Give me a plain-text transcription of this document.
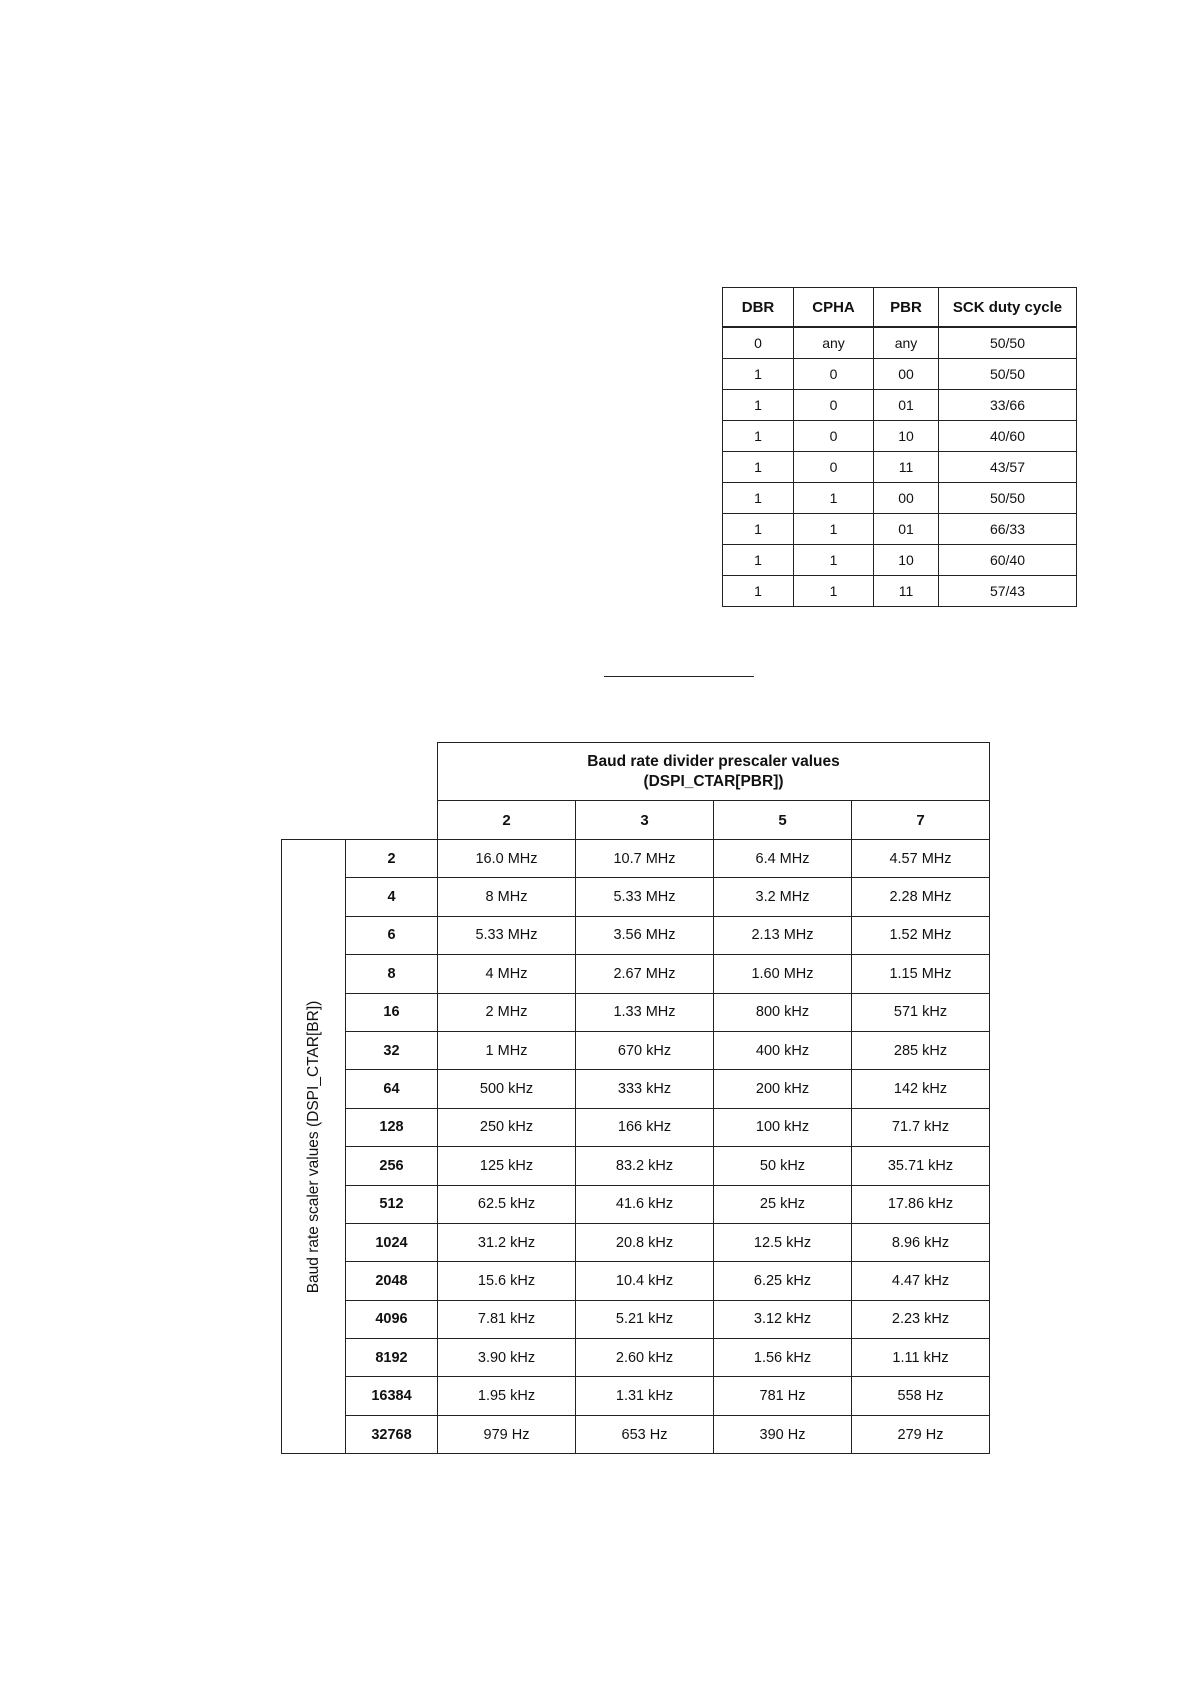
DBR	CPHA	PBR	SCK duty cycle
0	any	any	50/50
1	0	00	50/50
1	0	01	33/66
1	0	10	40/60
1	0	11	43/57
1	1	00	50/50
1	1	01	66/33
1	1	10	60/40
1	1	11	57/43
		Baud rate divider prescaler values
(DSPI_CTAR[PBR])			
		2	3	5	7

Baud rate scaler values (DSPI_CTAR[BR])	2	16.0 MHz	10.7 MHz	6.4 MHz	4.57 MHz
	4	8 MHz	5.33 MHz	3.2 MHz	2.28 MHz
	6	5.33 MHz	3.56 MHz	2.13 MHz	1.52 MHz
	8	4 MHz	2.67 MHz	1.60 MHz	1.15 MHz
	16	2 MHz	1.33 MHz	800 kHz	571 kHz
	32	1 MHz	670 kHz	400 kHz	285 kHz
	64	500 kHz	333 kHz	200 kHz	142 kHz
	128	250 kHz	166 kHz	100 kHz	71.7 kHz
	256	125 kHz	83.2 kHz	50 kHz	35.71 kHz
	512	62.5 kHz	41.6 kHz	25 kHz	17.86 kHz
	1024	31.2 kHz	20.8 kHz	12.5 kHz	8.96 kHz
	2048	15.6 kHz	10.4 kHz	6.25 kHz	4.47 kHz
	4096	7.81 kHz	5.21 kHz	3.12 kHz	2.23 kHz
	8192	3.90 kHz	2.60 kHz	1.56 kHz	1.11 kHz
	16384	1.95 kHz	1.31 kHz	781 Hz	558 Hz
	32768	979 Hz	653 Hz	390 Hz	279 Hz
